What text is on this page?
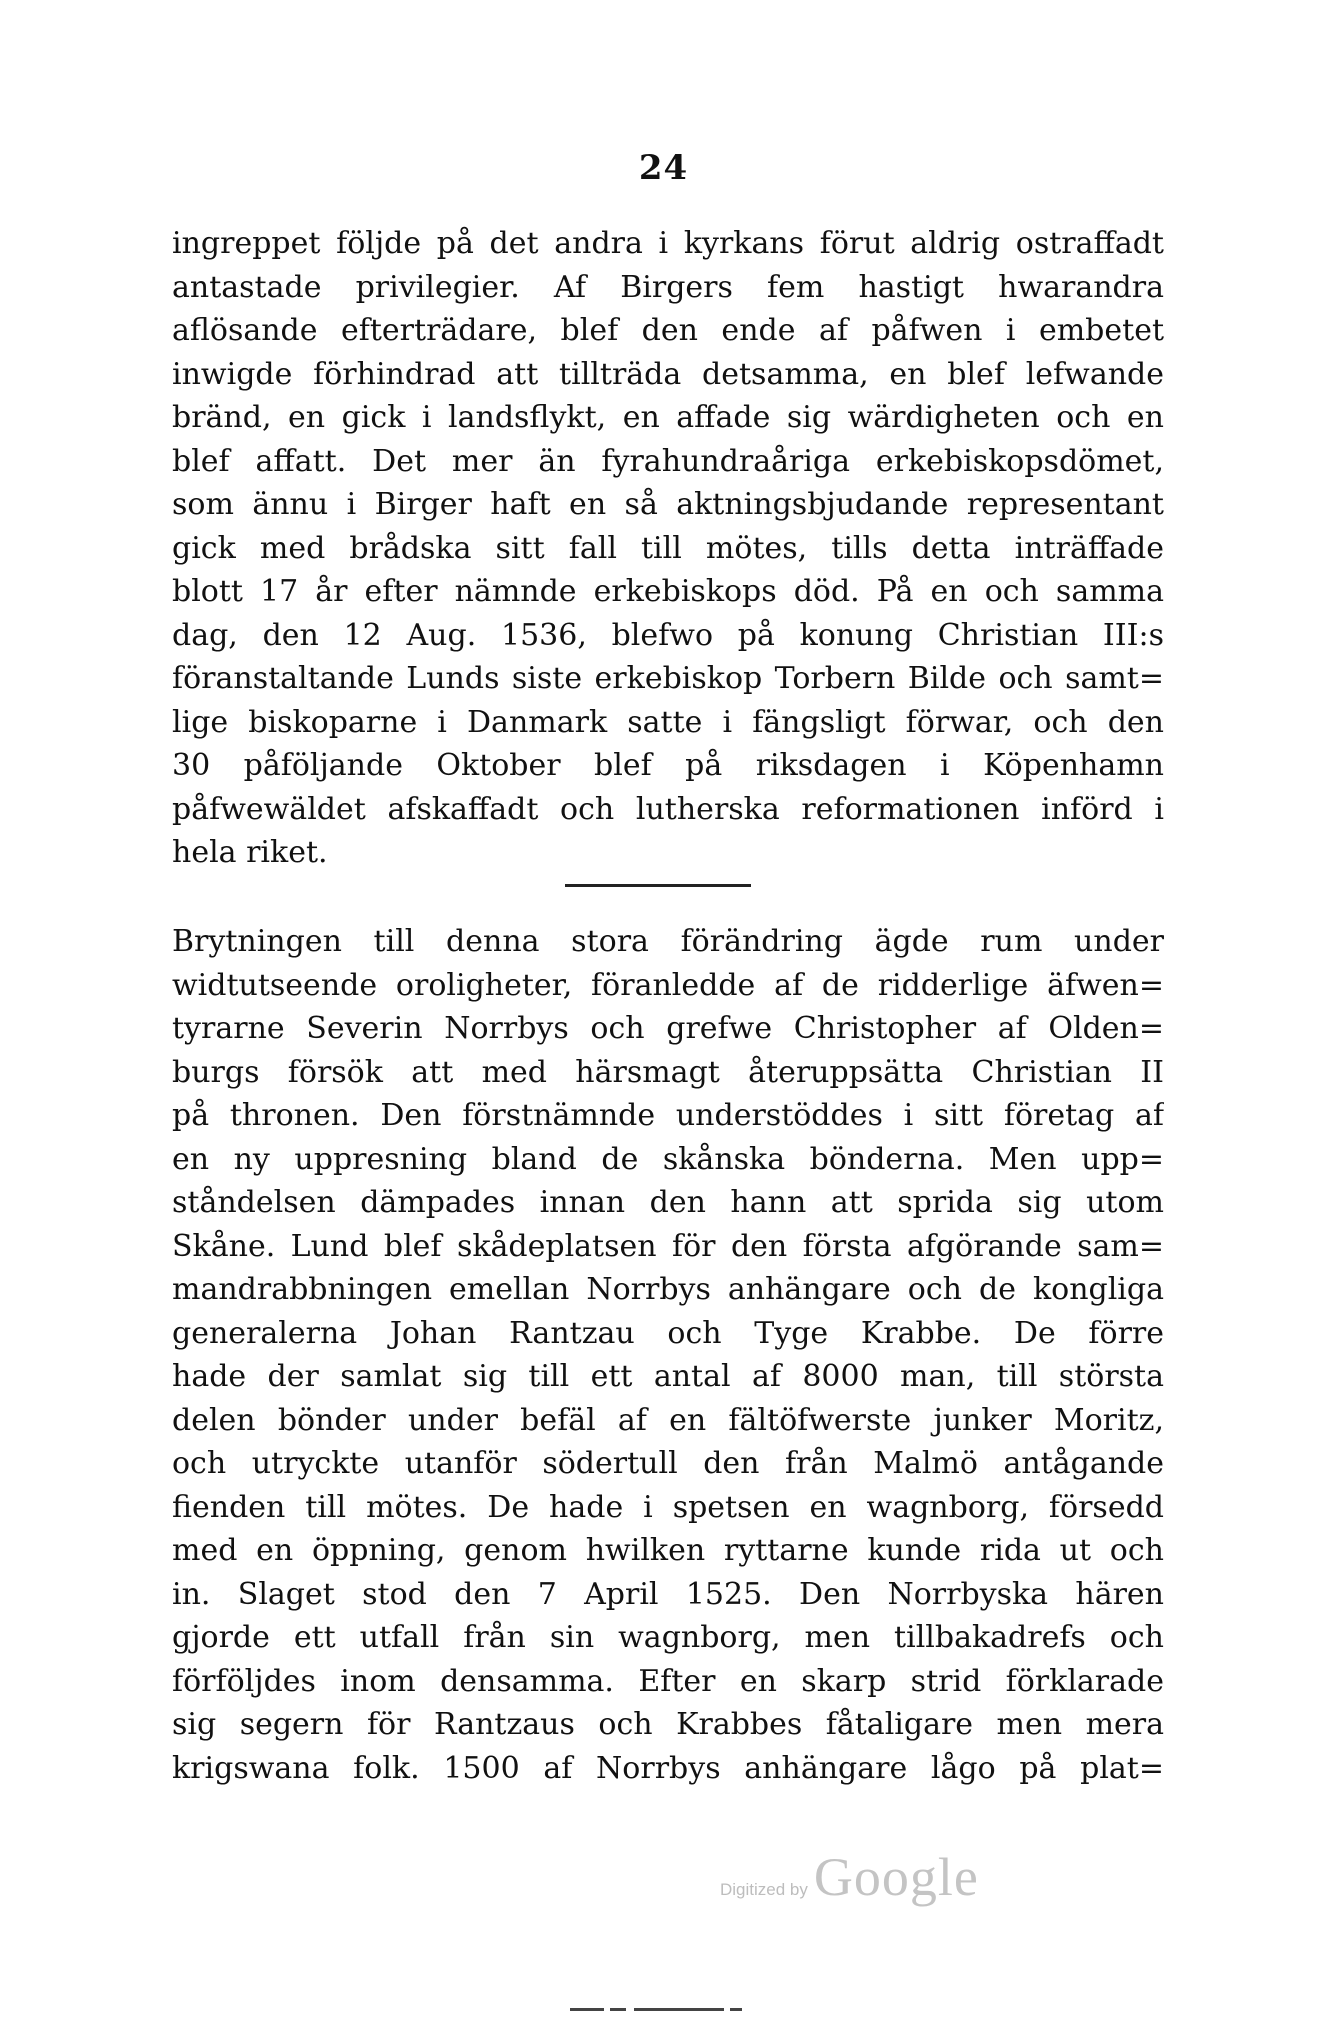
24
ingreppet följde på det andra i kyrkans förut aldrig ostraffadt
antastade privilegier. Af Birgers fem hastigt hwarandra
aflösande efterträdare, blef den ende af påfwen i embetet
inwigde förhindrad att tillträda detsamma, en blef lefwande
bränd, en gick i landsflykt, en affade sig wärdigheten och en
blef affatt. Det mer än fyrahundraåriga erkebiskopsdömet,
som ännu i Birger haft en så aktningsbjudande representant
gick med brådska sitt fall till mötes, tills detta inträffade
blott 17 år efter nämnde erkebiskops död. På en och samma
dag, den 12 Aug. 1536, blefwo på konung Christian III:s
föranstaltande Lunds siste erkebiskop Torbern Bilde och samt=
lige biskoparne i Danmark satte i fängsligt förwar, och den
30 påföljande Oktober blef på riksdagen i Köpenhamn
påfwewäldet afskaffadt och lutherska reformationen införd i
hela riket.
Brytningen till denna stora förändring ägde rum under
widtutseende oroligheter, föranledde af de ridderlige äfwen=
tyrarne Severin Norrbys och grefwe Christopher af Olden=
burgs försök att med härsmagt återuppsätta Christian II
på thronen. Den förstnämnde understöddes i sitt företag af
en ny uppresning bland de skånska bönderna. Men upp=
ståndelsen dämpades innan den hann att sprida sig utom
Skåne. Lund blef skådeplatsen för den första afgörande sam=
mandrabbningen emellan Norrbys anhängare och de kongliga
generalerna Johan Rantzau och Tyge Krabbe. De förre
hade der samlat sig till ett antal af 8000 man, till största
delen bönder under befäl af en fältöfwerste junker Moritz,
och utryckte utanför södertull den från Malmö antågande
fienden till mötes. De hade i spetsen en wagnborg, försedd
med en öppning, genom hwilken ryttarne kunde rida ut och
in. Slaget stod den 7 April 1525. Den Norrbyska hären
gjorde ett utfall från sin wagnborg, men tillbakadrefs och
förföljdes inom densamma. Efter en skarp strid förklarade
sig segern för Rantzaus och Krabbes fåtaligare men mera
krigswana folk. 1500 af Norrbys anhängare lågo på plat=
Digitized by Google
